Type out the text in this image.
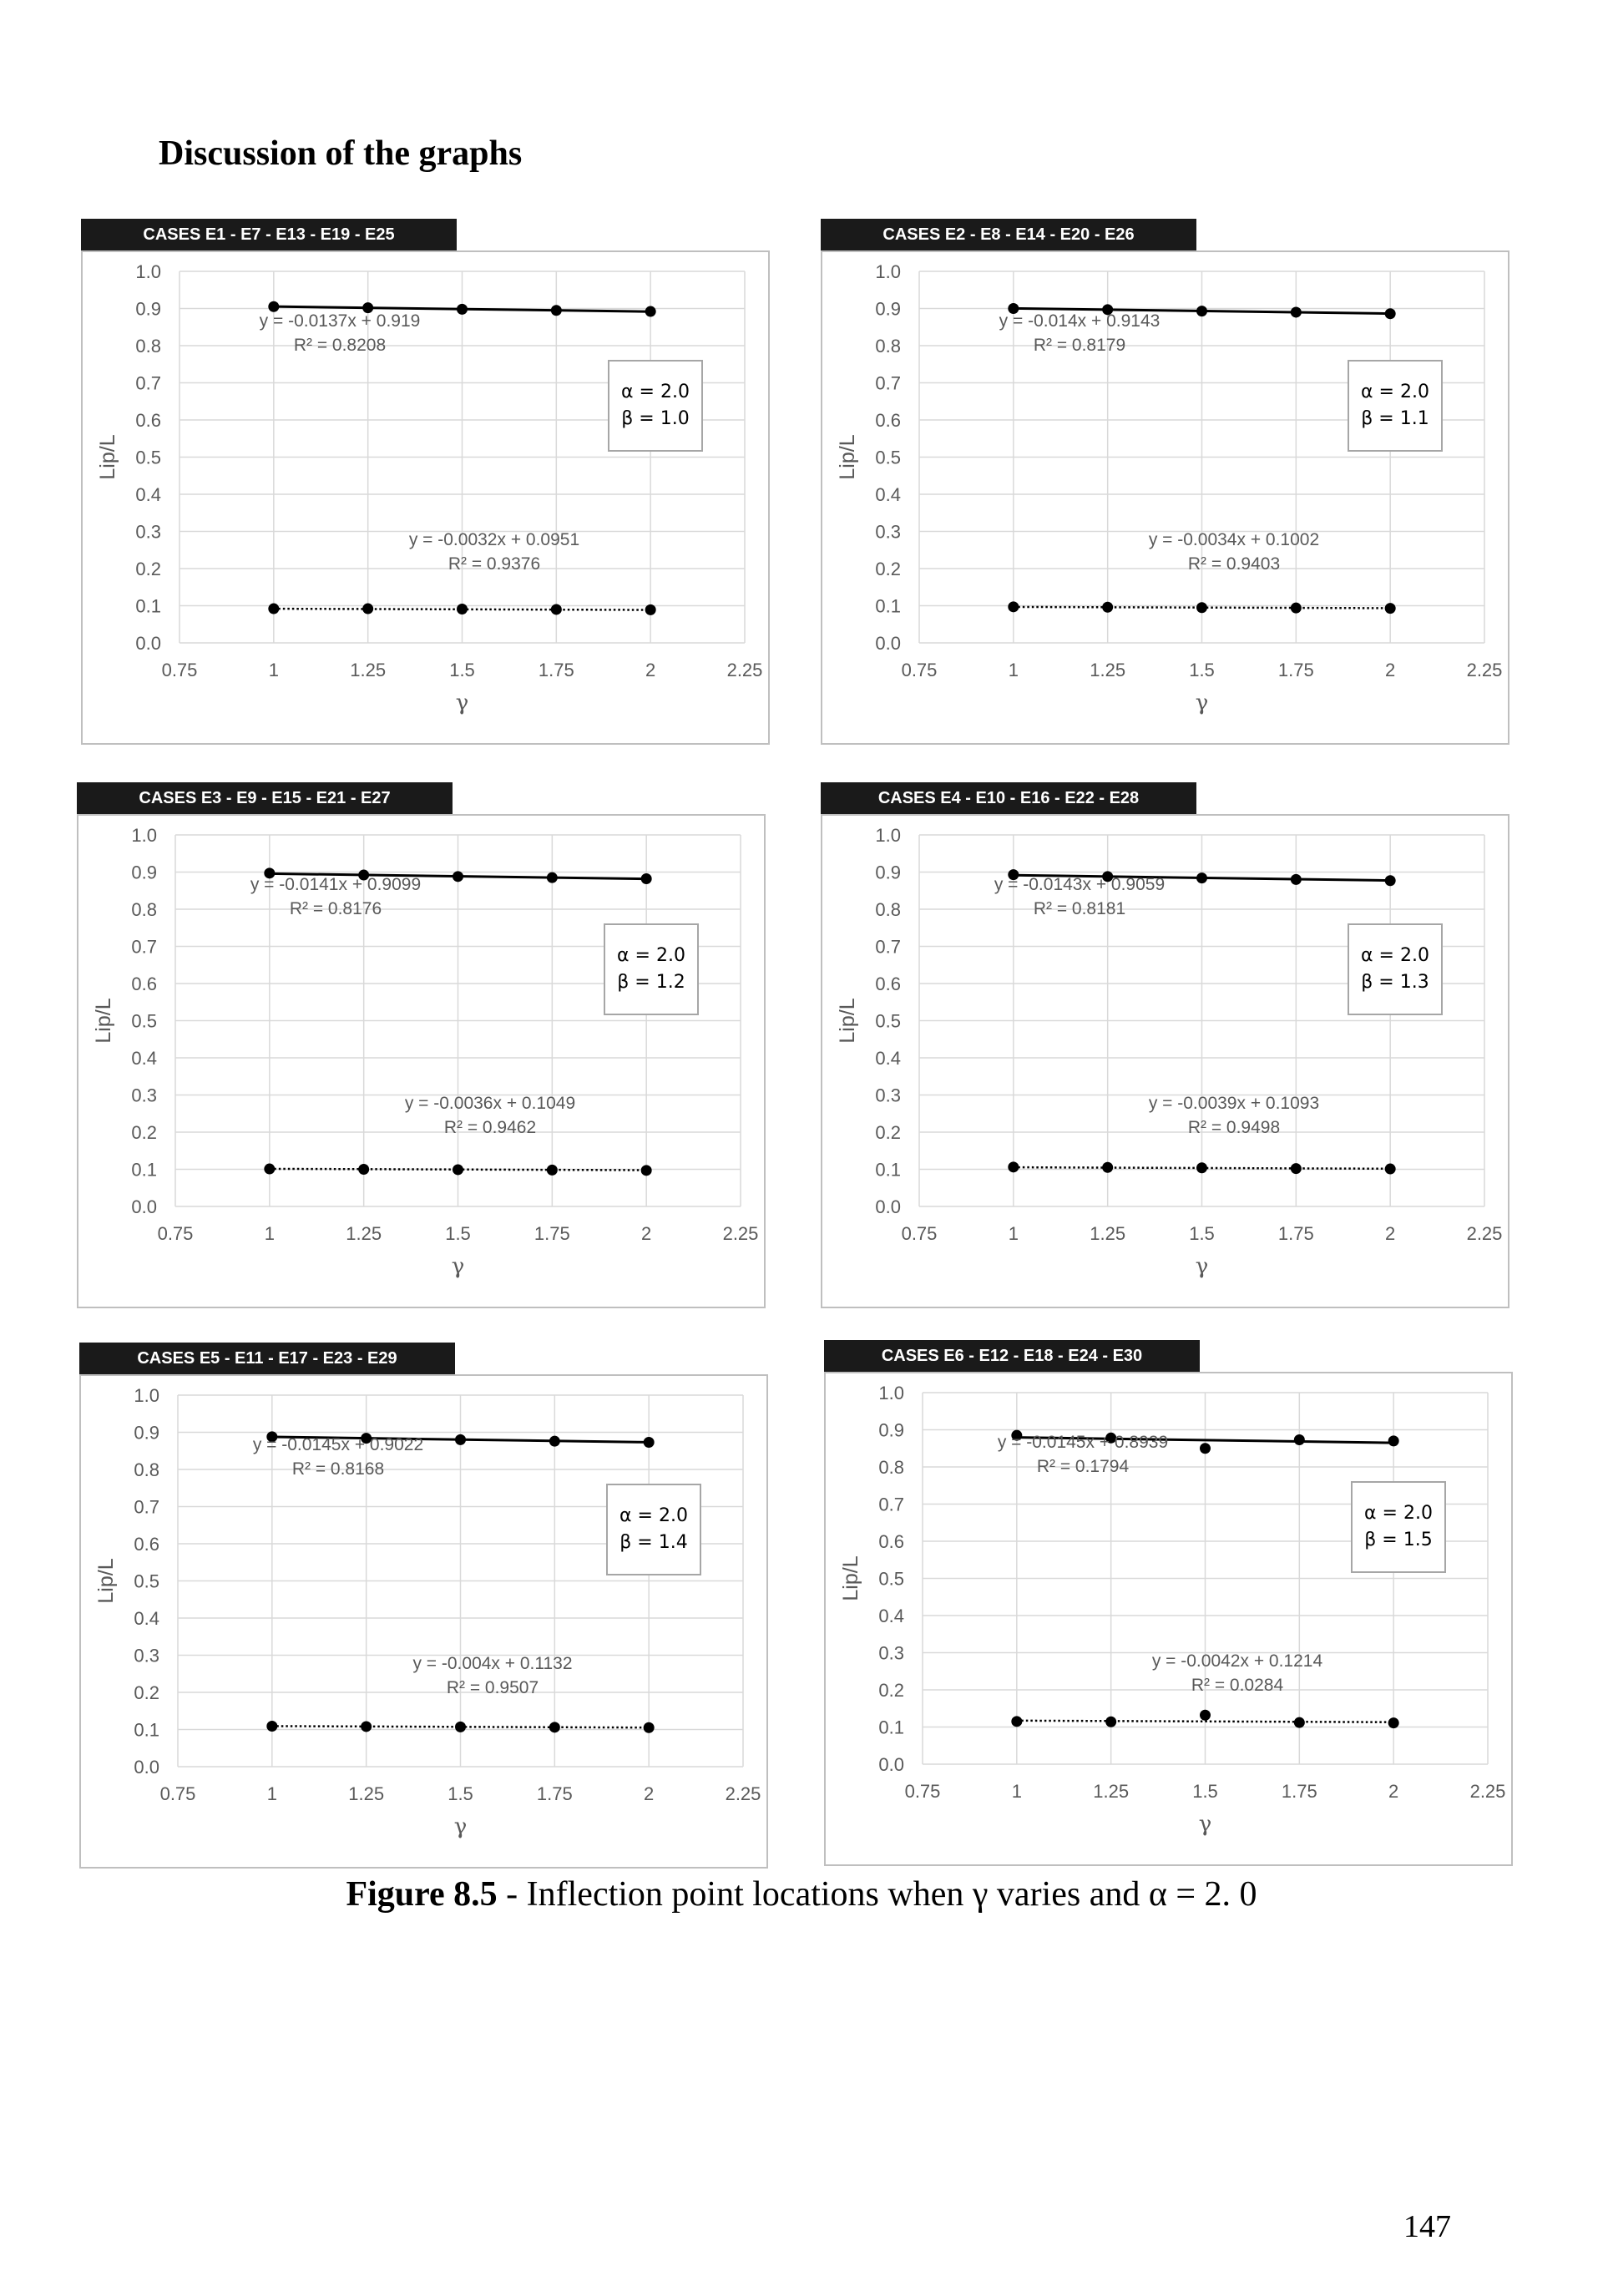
Discussion of the graphs
CASES E1 - E7 - E13 - E19 - E25
0.0
0.1
0.2
0.3
0.4
0.5
0.6
0.7
0.8
0.9
1.0
0.75	1	1.25	1.5	1.75	2	2.25
γ
Lip/L
y = -0.0137x + 0.919
R² = 0.8208
y = -0.0032x + 0.0951
R² = 0.9376
α = 2.0
β = 1.0
CASES E2 - E8 - E14 - E20 - E26
0.0
0.1
0.2
0.3
0.4
0.5
0.6
0.7
0.8
0.9
1.0
0.75	1	1.25	1.5	1.75	2	2.25
γ
Lip/L
y = -0.014x + 0.9143
R² = 0.8179
y = -0.0034x + 0.1002
R² = 0.9403
α = 2.0
β = 1.1
CASES E3 - E9 - E15 - E21 - E27
0.0
0.1
0.2
0.3
0.4
0.5
0.6
0.7
0.8
0.9
1.0
0.75	1	1.25	1.5	1.75	2	2.25
γ
Lip/L
y = -0.0141x + 0.9099
R² = 0.8176
y = -0.0036x + 0.1049
R² = 0.9462
α = 2.0
β = 1.2
CASES E4 - E10 - E16 - E22 - E28
0.0
0.1
0.2
0.3
0.4
0.5
0.6
0.7
0.8
0.9
1.0
0.75	1	1.25	1.5	1.75	2	2.25
γ
Lip/L
y = -0.0143x + 0.9059
R² = 0.8181
y = -0.0039x + 0.1093
R² = 0.9498
α = 2.0
β = 1.3
CASES E5 - E11 - E17 - E23 - E29
0.0
0.1
0.2
0.3
0.4
0.5
0.6
0.7
0.8
0.9
1.0
0.75	1	1.25	1.5	1.75	2	2.25
γ
Lip/L
y = -0.0145x + 0.9022
R² = 0.8168
y = -0.004x + 0.1132
R² = 0.9507
α = 2.0
β = 1.4
CASES E6 - E12 - E18 - E24 - E30
0.0
0.1
0.2
0.3
0.4
0.5
0.6
0.7
0.8
0.9
1.0
0.75	1	1.25	1.5	1.75	2	2.25
γ
Lip/L
y = -0.0145x + 0.8939
R² = 0.1794
y = -0.0042x + 0.1214
R² = 0.0284
α = 2.0
β = 1.5

Figure 8.5 - Inflection point locations when γ varies and α = 2. 0

147
